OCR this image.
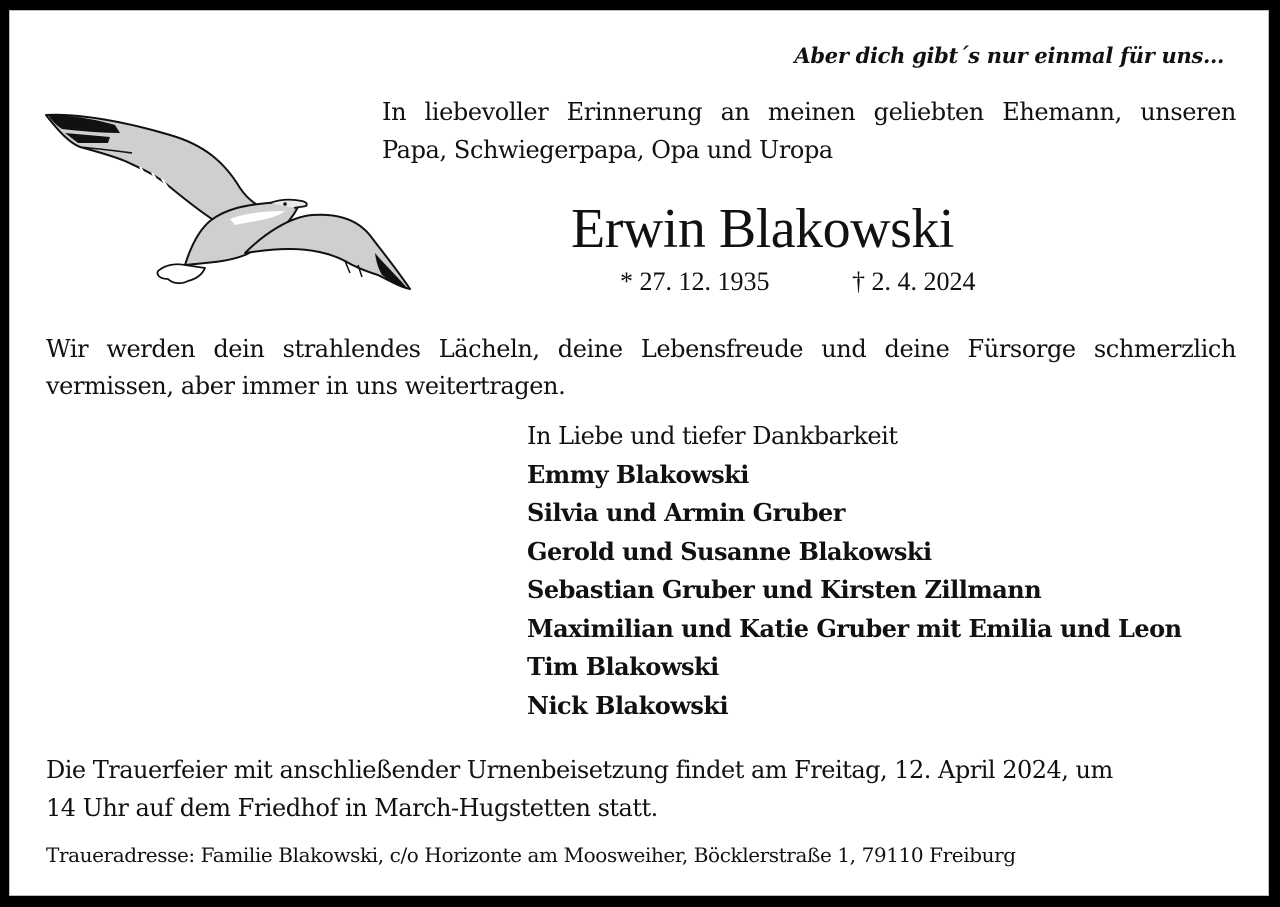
Aber dich gibt´s nur einmal für uns...
In liebevoller Erinnerung an meinen geliebten Ehemann, unseren
Papa, Schwiegerpapa, Opa und Uropa
Erwin Blakowski
* 27. 12. 1935	† 2. 4. 2024
Wir werden dein strahlendes Lächeln, deine Lebensfreude und deine Fürsorge schmerzlich
vermissen, aber immer in uns weitertragen.
In Liebe und tiefer Dankbarkeit
Emmy Blakowski
Silvia und Armin Gruber
Gerold und Susanne Blakowski
Sebastian Gruber und Kirsten Zillmann
Maximilian und Katie Gruber mit Emilia und Leon
Tim Blakowski
Nick Blakowski
Die Trauerfeier mit anschließender Urnenbeisetzung findet am Freitag, 12. April 2024, um
14 Uhr auf dem Friedhof in March-Hugstetten statt.
Traueradresse: Familie Blakowski, c/o Horizonte am Moosweiher, Böcklerstraße 1, 79110 Freiburg
